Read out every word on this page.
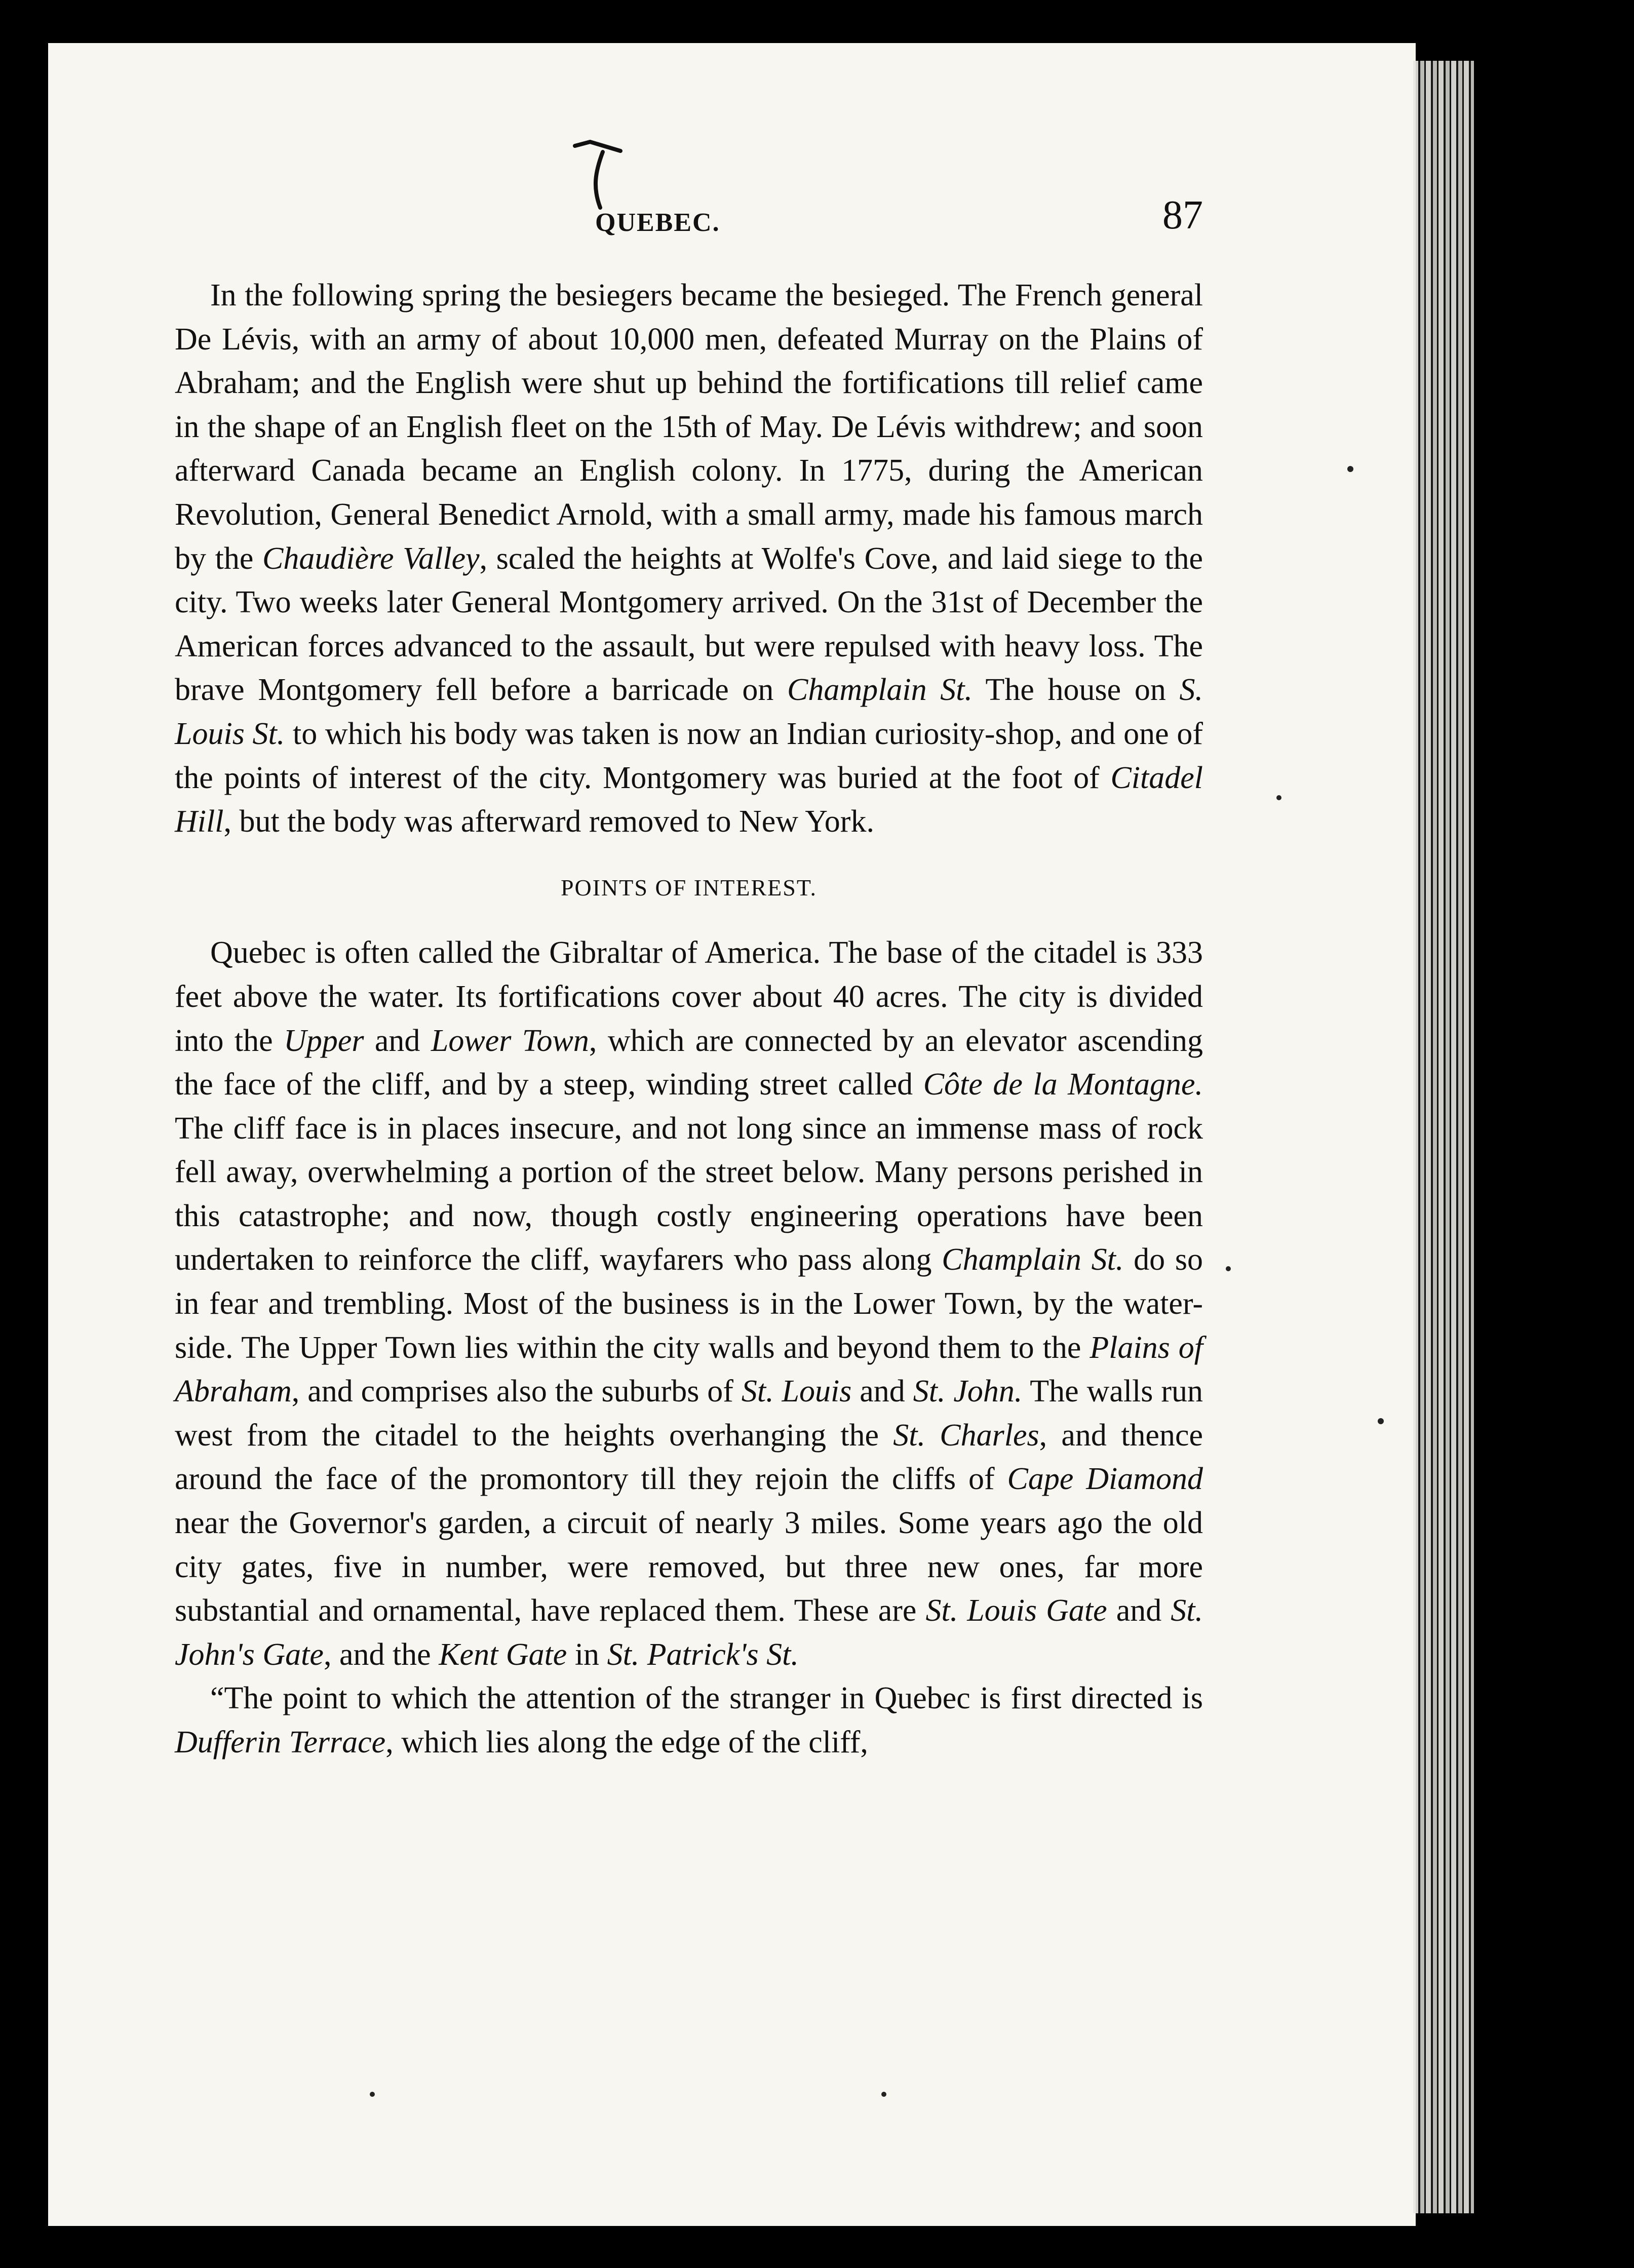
QUEBEC.	87

In the following spring the besiegers became the besieged. The French general De Lévis, with an army of about 10,000 men, defeated Murray on the Plains of Abraham; and the English were shut up behind the fortifications till relief came in the shape of an English fleet on the 15th of May. De Lévis withdrew; and soon afterward Canada became an English colony. In 1775, during the American Revolution, General Benedict Arnold, with a small army, made his famous march by the Chaudière Valley, scaled the heights at Wolfe's Cove, and laid siege to the city. Two weeks later General Montgomery arrived. On the 31st of December the American forces advanced to the assault, but were repulsed with heavy loss. The brave Montgomery fell before a barricade on Champlain St. The house on S. Louis St. to which his body was taken is now an Indian curiosity-shop, and one of the points of interest of the city. Montgomery was buried at the foot of Citadel Hill, but the body was afterward removed to New York.

POINTS OF INTEREST.

Quebec is often called the Gibraltar of America. The base of the citadel is 333 feet above the water. Its fortifications cover about 40 acres. The city is divided into the Upper and Lower Town, which are connected by an elevator ascending the face of the cliff, and by a steep, winding street called Côte de la Montagne. The cliff face is in places insecure, and not long since an immense mass of rock fell away, overwhelming a portion of the street below. Many persons perished in this catastrophe; and now, though costly engineering operations have been undertaken to reinforce the cliff, wayfarers who pass along Champlain St. do so in fear and trembling. Most of the business is in the Lower Town, by the water-side. The Upper Town lies within the city walls and beyond them to the Plains of Abraham, and comprises also the suburbs of St. Louis and St. John. The walls run west from the citadel to the heights overhanging the St. Charles, and thence around the face of the promontory till they rejoin the cliffs of Cape Diamond near the Governor's garden, a circuit of nearly 3 miles. Some years ago the old city gates, five in number, were removed, but three new ones, far more substantial and ornamental, have replaced them. These are St. Louis Gate and St. John's Gate, and the Kent Gate in St. Patrick's St.

“The point to which the attention of the stranger in Quebec is first directed is Dufferin Terrace, which lies along the edge of the cliff,
